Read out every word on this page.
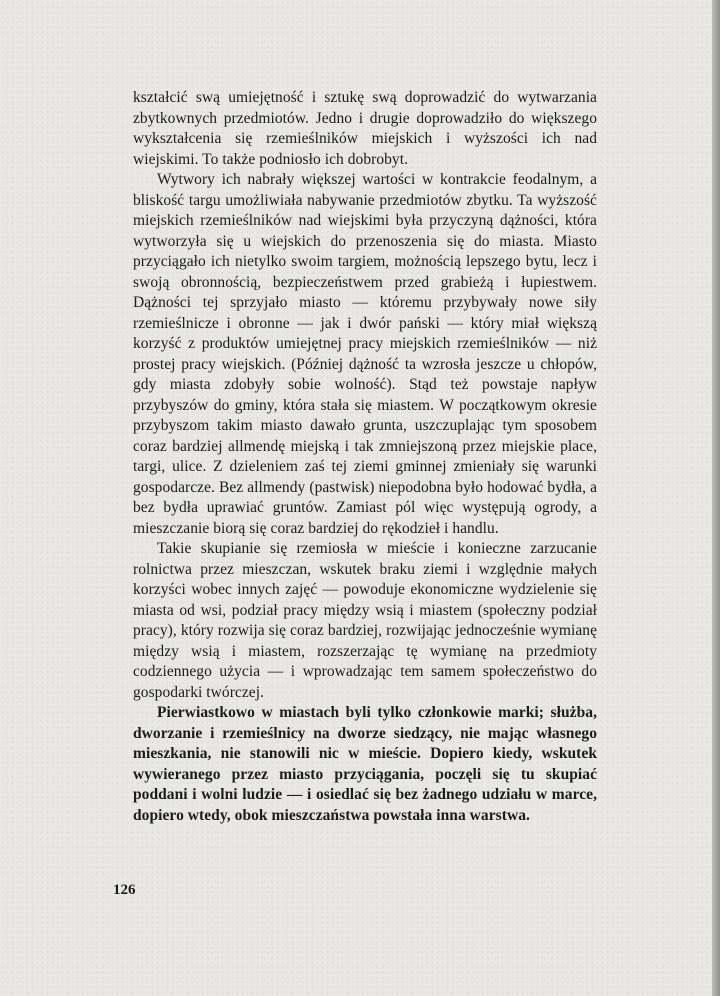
kształcić swą umiejętność i sztukę swą doprowadzić do wytwarzania zbytkownych przedmiotów. Jedno i drugie doprowadziło do większego wykształcenia się rzemieślników miejskich i wyższości ich nad wiejskimi. To także podniosło ich dobrobyt.

Wytwory ich nabrały większej wartości w kontrakcie feodalnym, a bliskość targu umożliwiała nabywanie przedmiotów zbytku. Ta wyższość miejskich rzemieślników nad wiejskimi była przyczyną dążności, która wytworzyła się u wiejskich do przenoszenia się do miasta. Miasto przyciągało ich nietylko swoim targiem, możnością lepszego bytu, lecz i swoją obronnością, bezpieczeństwem przed grabieżą i łupiestwem. Dążności tej sprzyjało miasto — któremu przybywały nowe siły rzemieślnicze i obronne — jak i dwór pański — który miał większą korzyść z produktów umiejętnej pracy miejskich rzemieślników — niż prostej pracy wiejskich. (Później dążność ta wzrosła jeszcze u chłopów, gdy miasta zdobyły sobie wolność). Stąd też powstaje napływ przybyszów do gminy, która stała się miastem. W początkowym okresie przybyszom takim miasto dawało grunta, uszczuplając tym sposobem coraz bardziej allmendę miejską i tak zmniejszoną przez miejskie place, targi, ulice. Z dzieleniem zaś tej ziemi gminnej zmieniały się warunki gospodarcze. Bez allmendy (pastwisk) niepodobna było hodować bydła, a bez bydła uprawiać gruntów. Zamiast pól więc występują ogrody, a mieszczanie biorą się coraz bardziej do rękodzieł i handlu.

Takie skupianie się rzemiosła w mieście i konieczne zarzucanie rolnictwa przez mieszczan, wskutek braku ziemi i względnie małych korzyści wobec innych zajęć — powoduje ekonomiczne wydzielenie się miasta od wsi, podział pracy między wsią i miastem (społeczny podział pracy), który rozwija się coraz bardziej, rozwijając jednocześnie wymianę między wsią i miastem, rozszerzając tę wymianę na przedmioty codziennego użycia — i wprowadzając tem samem społeczeństwo do gospodarki twórczej.

Pierwiastkowo w miastach byli tylko członkowie marki; służba, dworzanie i rzemieślnicy na dworze siedzący, nie mając własnego mieszkania, nie stanowili nic w mieście. Dopiero kiedy, wskutek wywieranego przez miasto przyciągania, poczęli się tu skupiać poddani i wolni ludzie — i osiedlać się bez żadnego udziału w marce, dopiero wtedy, obok mieszczaństwa powstała inna warstwa.

126
